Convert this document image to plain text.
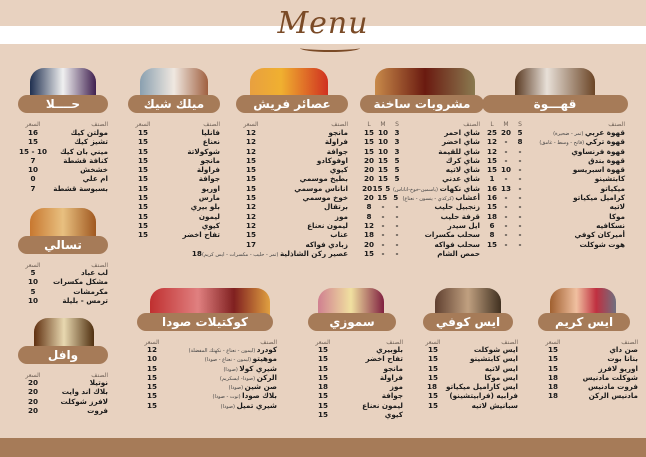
Menu
قهـــوة
الصنف
S
M
L
قهوة عربي (تمر - ضحيرة)
5
20
25
قهوة تركي (فاتح - وسط - غامق)
8
-
12
قهوة فرنساوي
-
-
12
قهوة بندق
-
-
15
قهوة اسبريسو
-
10
15
كابتشينو
-
-
1
ميكياتو
-
13
16
كراميل ميكياتو
-
-
16
لاتيه
-
-
15
موكا
-
-
18
نسكافيه
-
-
6
أميركان كوفي
-
-
8
هوت شوكلت
-
-
15
مشروبات ساخنة
الصنف
S
M
L
شاي احمر
3
10
15
شاي اخضر
3
10
15
شاي للقيمة
3
10
15
شاي كرك
5
15
20
شاي لاتيه
5
15
20
شاي عدني
5
15
20
شاي نكهات (ياسمين-خوخ-اناناس)
5
15
20
أعشاب (كركدي - ينسون - نعناع)
5
15
20
زنجبيل حليب
-
-
8
قرفة حليب
-
-
8
ايل سيدر
-
-
12
سحلب مكسرات
-
-
18
سحلب فواكه
-
-
20
حمص الشام
-
-
15
عصائر فريش
الصنف
السعر
مانجو
12
فراولة
12
جوافة
12
اوفوكادو
15
كيوي
15
بطيخ موسمي
15
اناناس موسمي
15
خوخ موسمي
15
برتقال
12
موز
12
ليمون نعناع
12
عناب
15
زبادي فواكه
17
عصير ركن الشاذلية (تمر - حليب - مكسرات - ايس كريم)
18
ميلك شيك
الصنف
السعر
فانليا
15
نعناع
15
شوكولاتة
15
مانجو
15
فراولة
15
جوافة
15
اوريو
15
مارس
15
بلو بيري
15
ليمون
15
كيوي
15
تفاح اخضر
15
حــــلا
الصنف
السعر
مولتن كيك
16
تشيز كيك
15
ميني بان كيك
10 - 15
كنافة قشطة
7
خشخش
10
ام علي
0
بسبوسة قشطة
7
تسالي
الصنف
السعر
لب عباد
5
مشكل مكسرات
10
مكرمشات
5
ترمس - بليلة
10
وافل
الصنف
السعر
نوتيلا
20
بلاك اند وايت
20
لافرز شوكلت
20
فروت
20
كوكتيلات صودا
الصنف
السعر
كودرد (ليمون - نعناع - نكهتك المفضلة)
12
موهيتو (ليمون - نعناع - صودا)
10
شيري كولا (صودا)
15
الركن (صودا- ايسكريم)
15
صن شين (صودا)
15
بلاك صودا (توت - صودا)
15
شيري تميل (صودا)
15
سموزي
الصنف
السعر
بلوبيري
15
تفاح اخضر
15
مانجو
15
فراولة
15
موز
18
جوافة
15
ليمون نعناع
15
كيوي
15
ايس كوفي
الصنف
السعر
ايس شوكلت
15
ايس كابتشينو
15
ايس لاتيه
15
ايس موكا
15
ايس كاراميل ميكياتو
18
فرابيه (فرابيتشينو)
15
سبانيش لاتيه
15
ايس كريم
الصنف
السعر
صن داي
15
بنانا بوت
15
اوريو لافرز
15
شوكلت مادنيس
18
فروت مادنيس
18
مادنيس الركن
18
